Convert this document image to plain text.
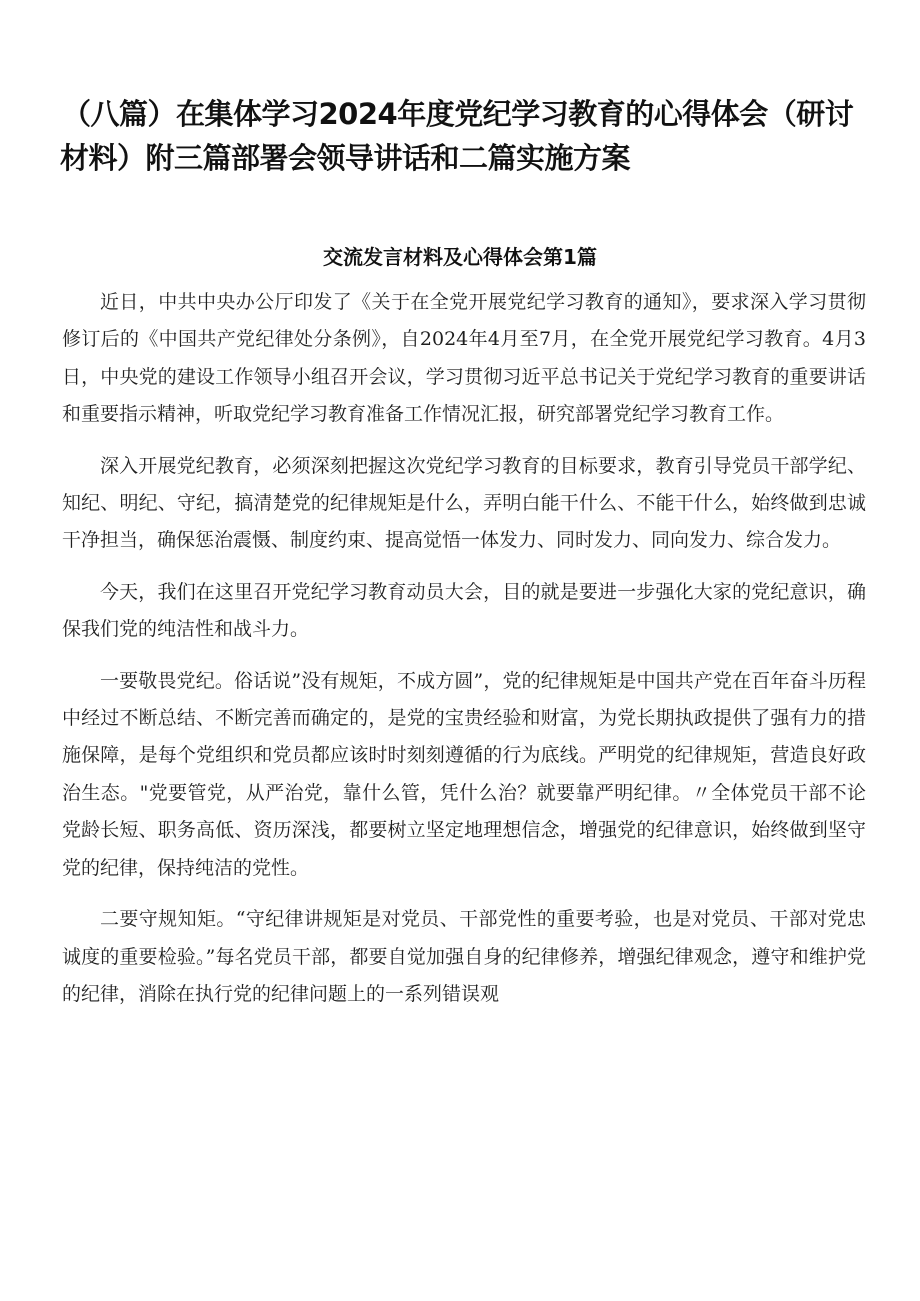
（八篇）在集体学习2024年度党纪学习教育的心得体会（研讨材料）附三篇部署会领导讲话和二篇实施方案
交流发言材料及心得体会第1篇

近日，中共中央办公厅印发了《关于在全党开展党纪学习教育的通知》，要求深入学习贯彻修订后的《中国共产党纪律处分条例》，自2024年4月至7月，在全党开展党纪学习教育。4月3日，中央党的建设工作领导小组召开会议，学习贯彻习近平总书记关于党纪学习教育的重要讲话和重要指示精神，听取党纪学习教育准备工作情况汇报，研究部署党纪学习教育工作。

深入开展党纪教育，必须深刻把握这次党纪学习教育的目标要求，教育引导党员干部学纪、知纪、明纪、守纪，搞清楚党的纪律规矩是什么，弄明白能干什么、不能干什么，始终做到忠诚干净担当，确保惩治震慑、制度约束、提高觉悟一体发力、同时发力、同向发力、综合发力。

今天，我们在这里召开党纪学习教育动员大会，目的就是要进一步强化大家的党纪意识，确保我们党的纯洁性和战斗力。

一要敬畏党纪。俗话说”没有规矩，不成方圆”，党的纪律规矩是中国共产党在百年奋斗历程中经过不断总结、不断完善而确定的，是党的宝贵经验和财富，为党长期执政提供了强有力的措施保障，是每个党组织和党员都应该时时刻刻遵循的行为底线。严明党的纪律规矩，营造良好政治生态。"党要管党，从严治党，靠什么管，凭什么治？就要靠严明纪律。〃全体党员干部不论党龄长短、职务高低、资历深浅，都要树立坚定地理想信念，增强党的纪律意识，始终做到坚守党的纪律，保持纯洁的党性。

二要守规知矩。“守纪律讲规矩是对党员、干部党性的重要考验，也是对党员、干部对党忠诚度的重要检验。”每名党员干部，都要自觉加强自身的纪律修养，增强纪律观念，遵守和维护党的纪律，消除在执行党的纪律问题上的一系列错误观
